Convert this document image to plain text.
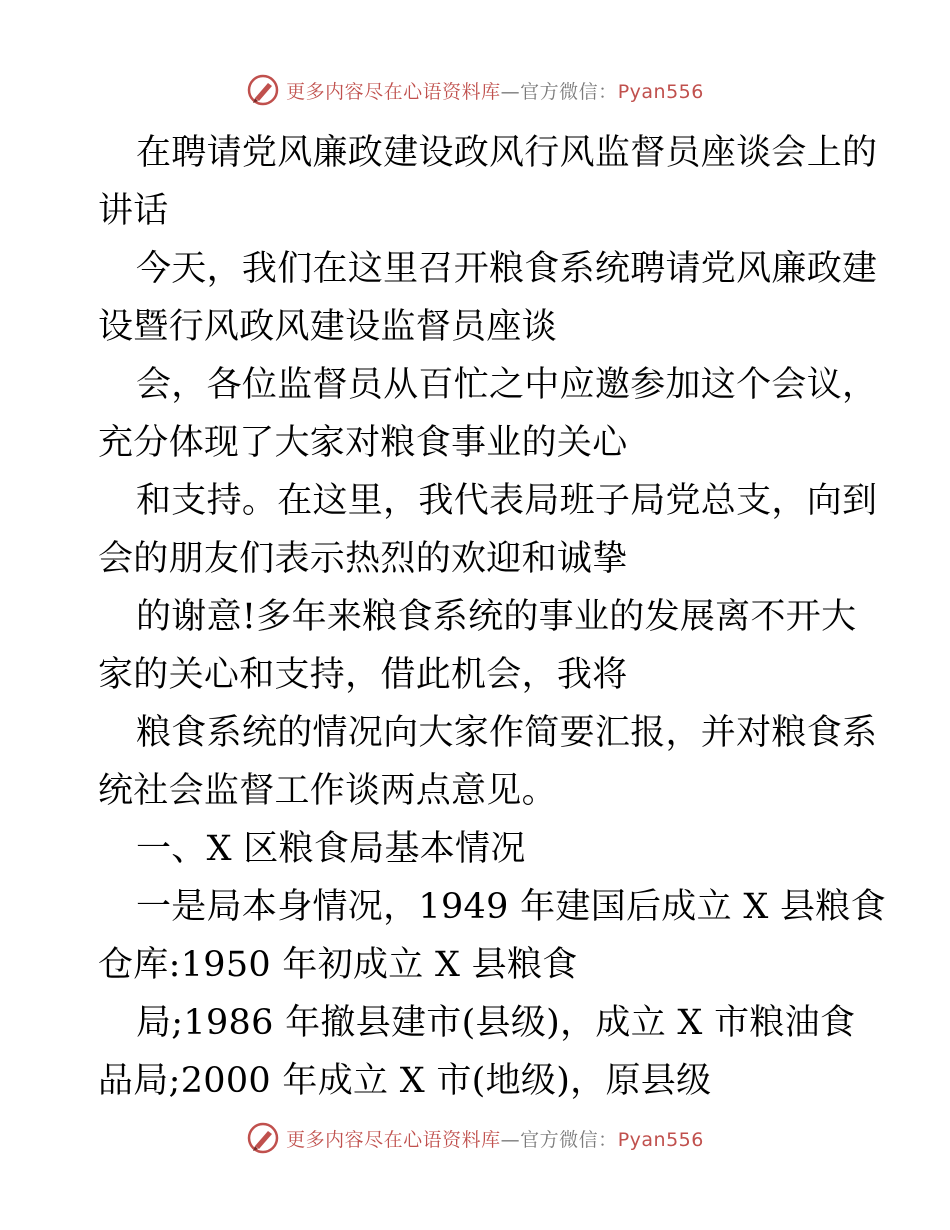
更多内容尽在心语资料库—官方微信：Pyan556
在聘请党风廉政建设政风行风监督员座谈会上的
讲话
今天，我们在这里召开粮食系统聘请党风廉政建
设暨行风政风建设监督员座谈
会，各位监督员从百忙之中应邀参加这个会议，
充分体现了大家对粮食事业的关心
和支持。在这里，我代表局班子局党总支，向到
会的朋友们表示热烈的欢迎和诚挚
的谢意!多年来粮食系统的事业的发展离不开大
家的关心和支持，借此机会，我将
粮食系统的情况向大家作简要汇报，并对粮食系
统社会监督工作谈两点意见。
一、X 区粮食局基本情况
一是局本身情况，1949 年建国后成立 X 县粮食
仓库:1950 年初成立 X 县粮食
局;1986 年撤县建市(县级)，成立 X 市粮油食
品局;2000 年成立 X 市(地级)，原县级
更多内容尽在心语资料库—官方微信：Pyan556
